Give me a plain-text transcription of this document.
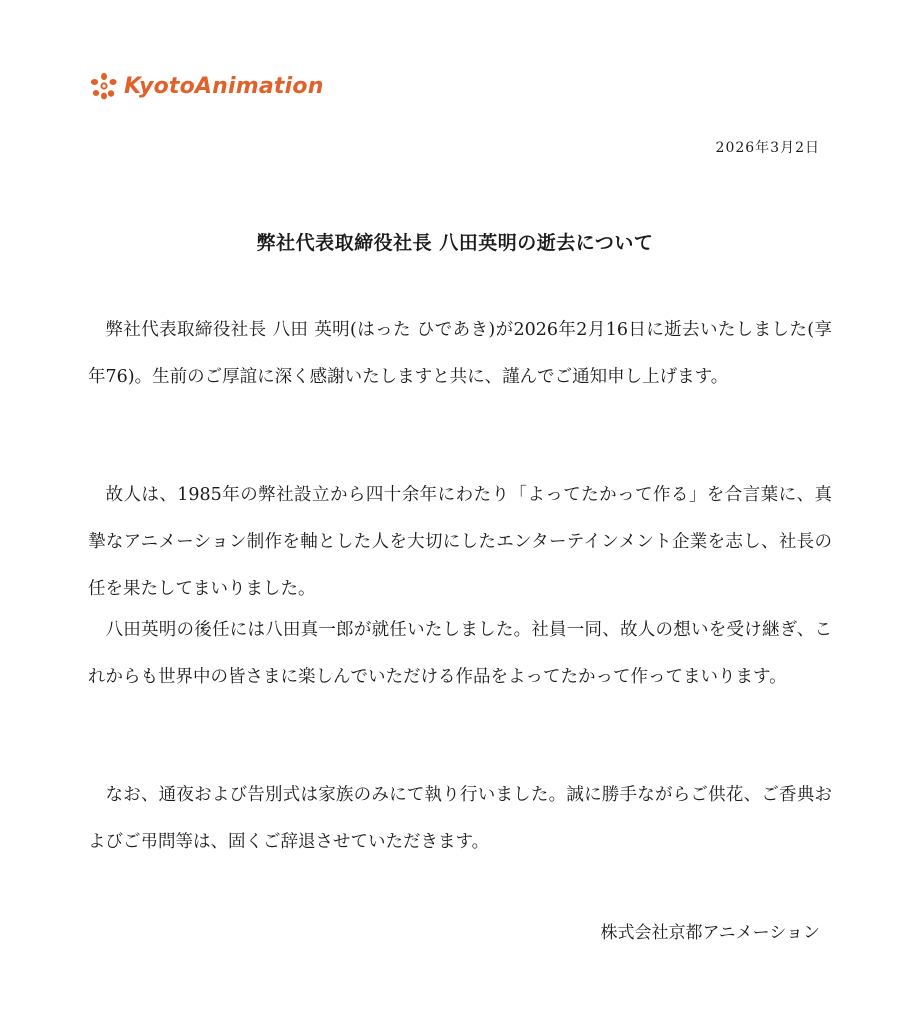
KyotoAnimation
2026年3月2日
弊社代表取締役社長 八田英明の逝去について

弊社代表取締役社長 八田 英明(はった ひであき)が2026年2月16日に逝去いたしました(享年76)。生前のご厚誼に深く感謝いたしますと共に、謹んでご通知申し上げます。

故人は、1985年の弊社設立から四十余年にわたり「よってたかって作る」を合言葉に、真摯なアニメーション制作を軸とした人を大切にしたエンターテインメント企業を志し、社長の任を果たしてまいりました。

八田英明の後任には八田真一郎が就任いたしました。社員一同、故人の想いを受け継ぎ、これからも世界中の皆さまに楽しんでいただける作品をよってたかって作ってまいります。

なお、通夜および告別式は家族のみにて執り行いました。誠に勝手ながらご供花、ご香典およびご弔問等は、固くご辞退させていただきます。

株式会社京都アニメーション
